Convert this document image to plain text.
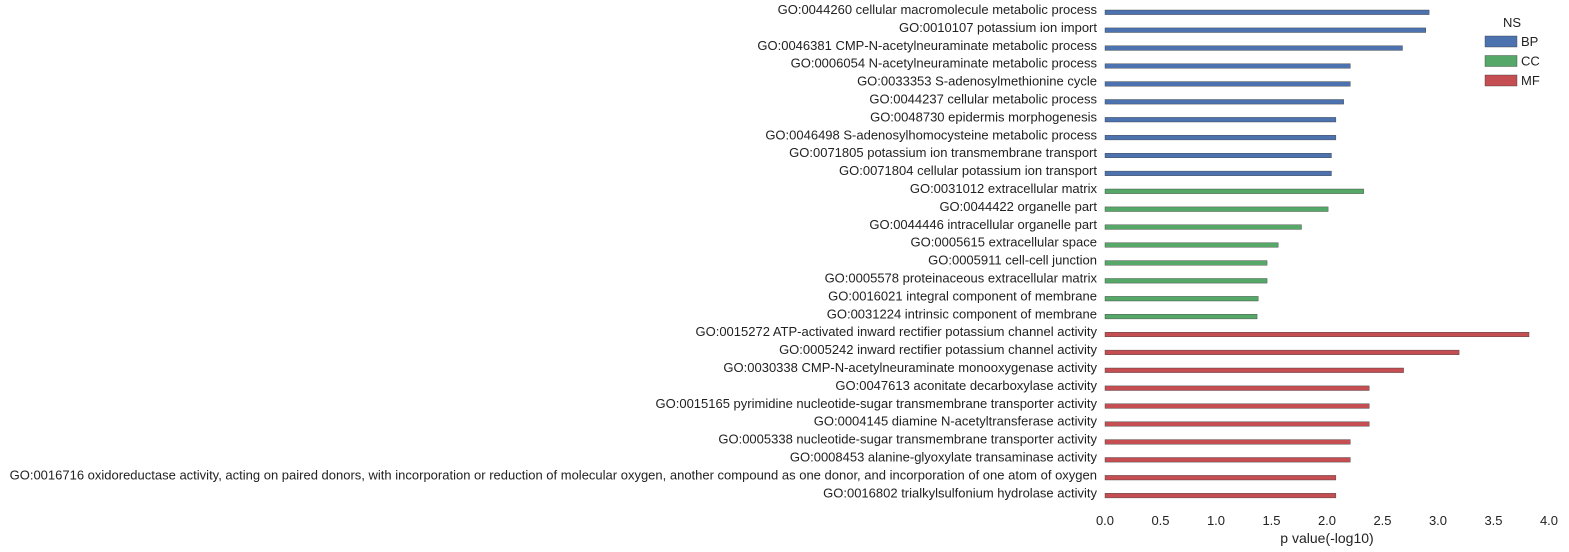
GO:0044260 cellular macromolecule metabolic process
GO:0010107 potassium ion import
GO:0046381 CMP-N-acetylneuraminate metabolic process
GO:0006054 N-acetylneuraminate metabolic process
GO:0033353 S-adenosylmethionine cycle
GO:0044237 cellular metabolic process
GO:0048730 epidermis morphogenesis
GO:0046498 S-adenosylhomocysteine metabolic process
GO:0071805 potassium ion transmembrane transport
GO:0071804 cellular potassium ion transport
GO:0031012 extracellular matrix
GO:0044422 organelle part
GO:0044446 intracellular organelle part
GO:0005615 extracellular space
GO:0005911 cell-cell junction
GO:0005578 proteinaceous extracellular matrix
GO:0016021 integral component of membrane
GO:0031224 intrinsic component of membrane
GO:0015272 ATP-activated inward rectifier potassium channel activity
GO:0005242 inward rectifier potassium channel activity
GO:0030338 CMP-N-acetylneuraminate monooxygenase activity
GO:0047613 aconitate decarboxylase activity
GO:0015165 pyrimidine nucleotide-sugar transmembrane transporter activity
GO:0004145 diamine N-acetyltransferase activity
GO:0005338 nucleotide-sugar transmembrane transporter activity
GO:0008453 alanine-glyoxylate transaminase activity
GO:0016716 oxidoreductase activity, acting on paired donors, with incorporation or reduction of molecular oxygen, another compound as one donor, and incorporation of one atom of oxygen
GO:0016802 trialkylsulfonium hydrolase activity
0.0	0.5	1.0	1.5	2.0	2.5	3.0	3.5	4.0
p value(-log10)
NS
BP
CC
MF
